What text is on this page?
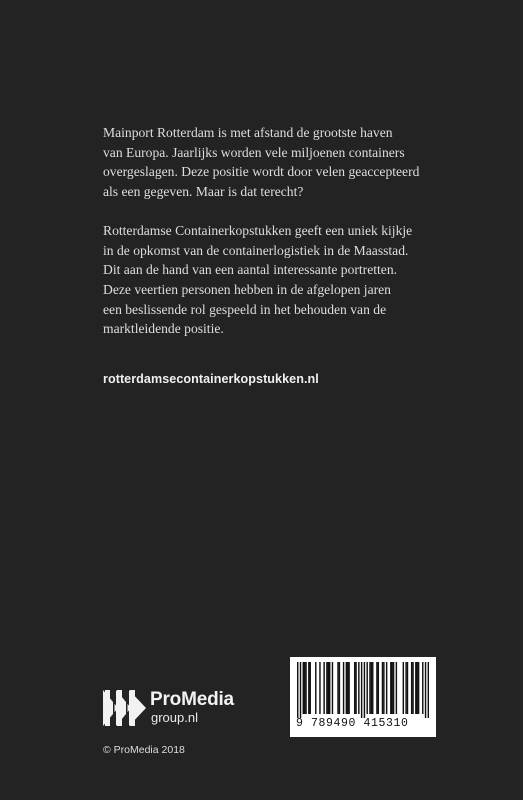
Mainport Rotterdam is met afstand de grootste haven
van Europa. Jaarlijks worden vele miljoenen containers
overgeslagen. Deze positie wordt door velen geaccepteerd
als een gegeven. Maar is dat terecht?

Rotterdamse Containerkopstukken geeft een uniek kijkje
in de opkomst van de containerlogistiek in de Maasstad.
Dit aan de hand van een aantal interessante portretten.
Deze veertien personen hebben in de afgelopen jaren
een beslissende rol gespeeld in het behouden van de
marktleidende positie.

rotterdamsecontainerkopstukken.nl
ProMedia
group.nl
© ProMedia 2018
9 789490 415310
